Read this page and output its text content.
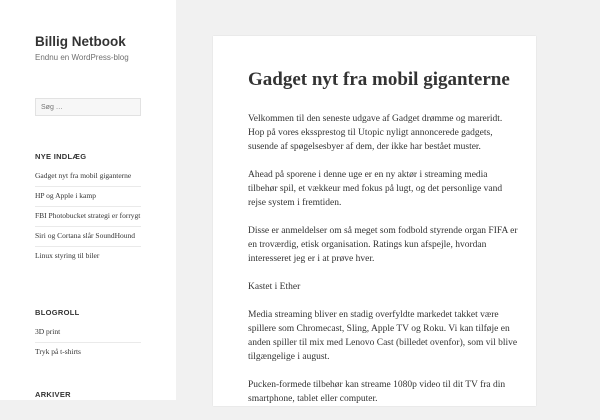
Billig Netbook
Endnu en WordPress-blog
Søg …
NYE INDLÆG
Gadget nyt fra mobil giganterne
HP og Apple i kamp
FBI Photobucket strategi er forrygt
Siri og Cortana slår SoundHound
Linux styring til biler
BLOGROLL
3D print
Tryk på t-shirts
ARKIVER
Gadget nyt fra mobil giganterne

Velkommen til den seneste udgave af Gadget drømme og mareridt. Hop på vores ekssprestog til Utopic nyligt annoncerede gadgets, susende af spøgelsesbyer af dem, der ikke har bestået muster.

Ahead på sporene i denne uge er en ny aktør i streaming media tilbehør spil, et vækkeur med fokus på lugt, og det personlige vand rejse system i fremtiden.

Disse er anmeldelser om så meget som fodbold styrende organ FIFA er en troværdig, etisk organisation. Ratings kun afspejle, hvordan interesseret jeg er i at prøve hver.

Kastet i Ether

Media streaming bliver en stadig overfyldte markedet takket være spillere som Chromecast, Sling, Apple TV og Roku. Vi kan tilføje en anden spiller til mix med Lenovo Cast (billedet ovenfor), som vil blive tilgængelige i august.

Pucken-formede tilbehør kan streame 1080p video til dit TV fra din smartphone, tablet eller computer.
